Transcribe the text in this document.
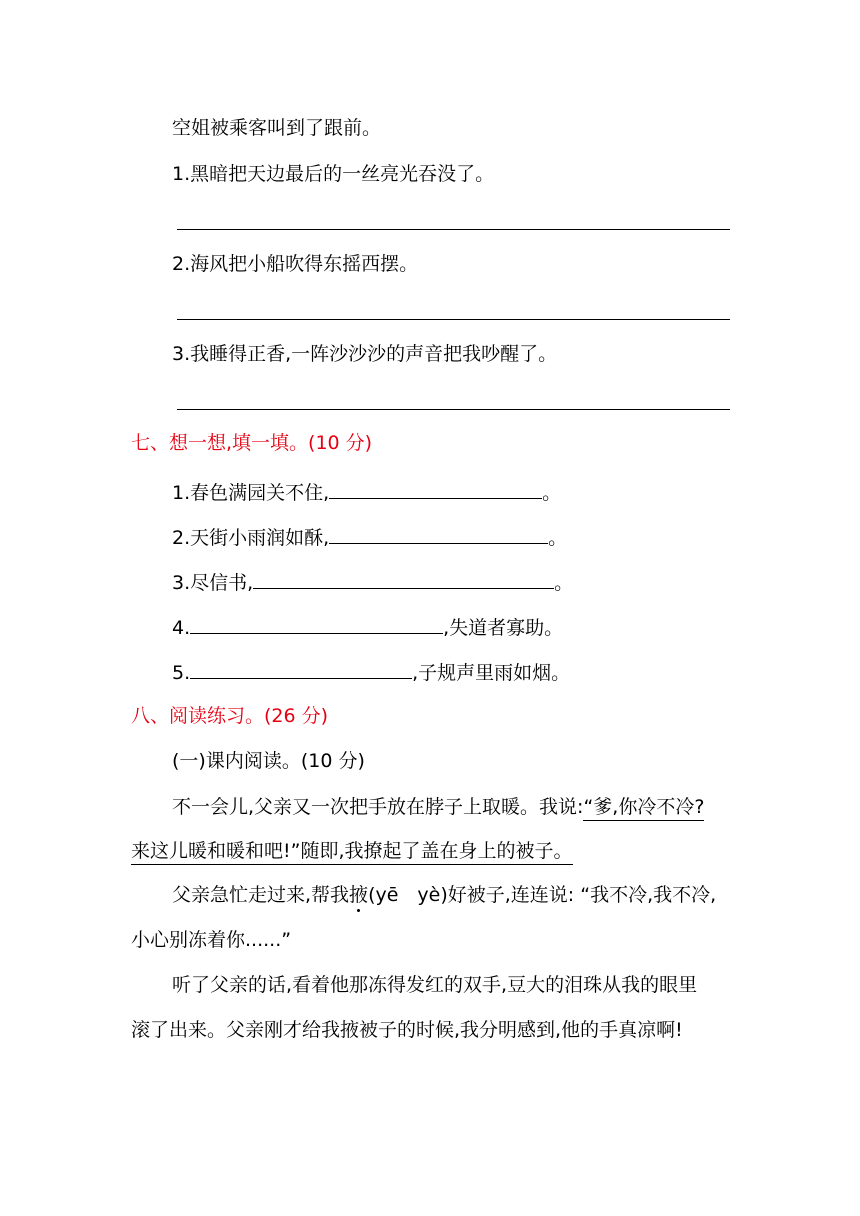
空姐被乘客叫到了跟前。
1.黑暗把天边最后的一丝亮光吞没了。
2.海风把小船吹得东摇西摆。
3.我睡得正香,一阵沙沙沙的声音把我吵醒了。
七、想一想,填一填。(10 分)
1.春色满园关不住,	。
2.天街小雨润如酥,	。
3.尽信书,	。
4.	,失道者寡助。
5.	,子规声里雨如烟。
八、阅读练习。(26 分)
(一)课内阅读。(10 分)
不一会儿,父亲又一次把手放在脖子上取暖。我说:“爹,你冷不冷?
来这儿暖和暖和吧!”随即,我撩起了盖在身上的被子。
父亲急忙走过来,帮我掖(yē　yè)好被子,连连说: “我不冷,我不冷,
小心别冻着你......”
听了父亲的话,看着他那冻得发红的双手,豆大的泪珠从我的眼里
滚了出来。父亲刚才给我掖被子的时候,我分明感到,他的手真凉啊!
